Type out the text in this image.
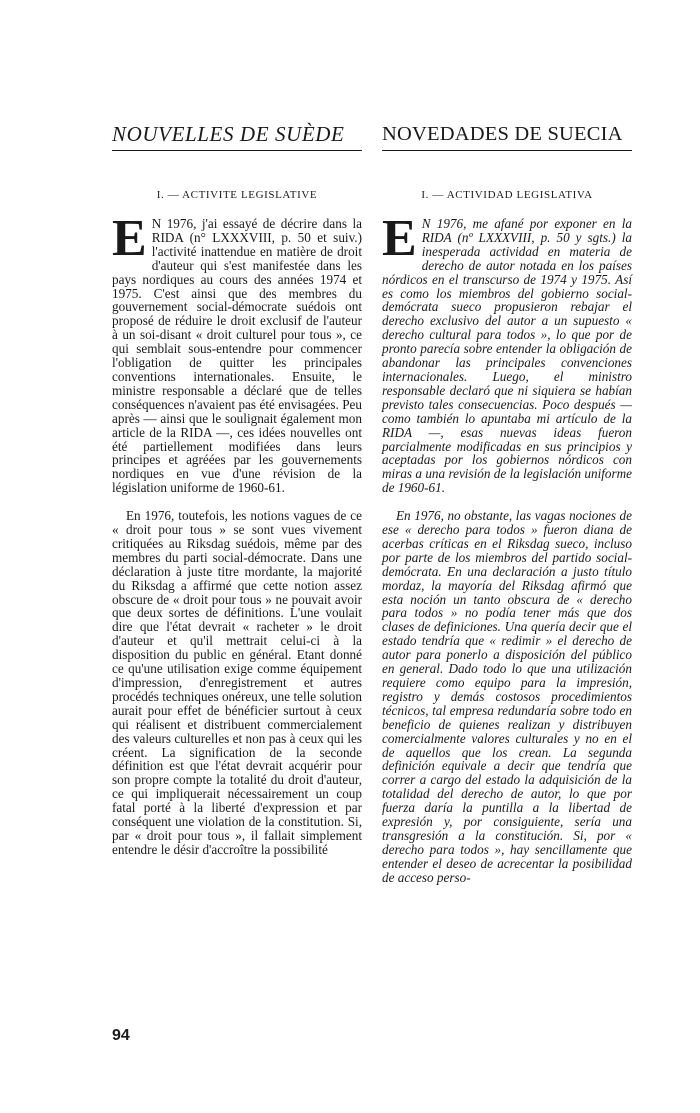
NOUVELLES DE SUÈDE
I. — ACTIVITE LEGISLATIVE

E N 1976, j'ai essayé de décrire dans la RIDA (n° LXXXVIII, p. 50 et suiv.) l'activité inattendue en matière de droit d'auteur qui s'est manifestée dans les pays nordiques au cours des années 1974 et 1975. C'est ainsi que des membres du gouvernement social-démocrate suédois ont proposé de réduire le droit exclusif de l'auteur à un soi-disant « droit culturel pour tous », ce qui semblait sous-entendre pour commencer l'obligation de quitter les principales conventions internationales. Ensuite, le ministre responsable a déclaré que de telles conséquences n'avaient pas été envisagées. Peu après — ainsi que le soulignait également mon article de la RIDA —, ces idées nouvelles ont été partiellement modifiées dans leurs principes et agréées par les gouvernements nordiques en vue d'une révision de la législation uniforme de 1960-61.

En 1976, toutefois, les notions vagues de ce « droit pour tous » se sont vues vivement critiquées au Riksdag suédois, même par des membres du parti social-démocrate. Dans une déclaration à juste titre mordante, la majorité du Riksdag a affirmé que cette notion assez obscure de « droit pour tous » ne pouvait avoir que deux sortes de définitions. L'une voulait dire que l'état devrait « racheter » le droit d'auteur et qu'il mettrait celui-ci à la disposition du public en général. Etant donné ce qu'une utilisation exige comme équipement d'impression, d'enregistrement et autres procédés techniques onéreux, une telle solution aurait pour effet de bénéficier surtout à ceux qui réalisent et distribuent commercialement des valeurs culturelles et non pas à ceux qui les créent. La signification de la seconde définition est que l'état devrait acquérir pour son propre compte la totalité du droit d'auteur, ce qui impliquerait nécessairement un coup fatal porté à la liberté d'expression et par conséquent une violation de la constitution. Si, par « droit pour tous », il fallait simplement entendre le désir d'accroître la possibilité

NOVEDADES DE SUECIA
I. — ACTIVIDAD LEGISLATIVA

E N 1976, me afané por exponer en la RIDA (nº LXXXVIII, p. 50 y sgts.) la inesperada actividad en materia de derecho de autor notada en los países nórdicos en el transcurso de 1974 y 1975. Así es como los miembros del gobierno social-demócrata sueco propusieron rebajar el derecho exclusivo del autor a un supuesto « derecho cultural para todos », lo que por de pronto parecía sobre entender la obligación de abandonar las principales convenciones internacionales. Luego, el ministro responsable declaró que ni siquiera se habían previsto tales consecuencias. Poco después — como también lo apuntaba mi artículo de la RIDA —, esas nuevas ideas fueron parcialmente modificadas en sus principios y aceptadas por los gobiernos nórdicos con miras a una revisión de la legislación uniforme de 1960-61.

En 1976, no obstante, las vagas nociones de ese « derecho para todos » fueron diana de acerbas críticas en el Riksdag sueco, incluso por parte de los miembros del partido social-demócrata. En una declaración a justo título mordaz, la mayoría del Riksdag afirmó que esta noción un tanto obscura de « derecho para todos » no podía tener más que dos clases de definiciones. Una quería decir que el estado tendría que « redimir » el derecho de autor para ponerlo a disposición del público en general. Dado todo lo que una utilización requiere como equipo para la impresión, registro y demás costosos procedimientos técnicos, tal empresa redundaría sobre todo en beneficio de quienes realizan y distribuyen comercialmente valores culturales y no en el de aquellos que los crean. La segunda definición equivale a decir que tendría que correr a cargo del estado la adquisición de la totalidad del derecho de autor, lo que por fuerza daría la puntilla a la libertad de expresión y, por consiguiente, sería una transgresión a la constitución. Si, por « derecho para todos », hay sencillamente que entender el deseo de acrecentar la posibilidad de acceso perso-

94
